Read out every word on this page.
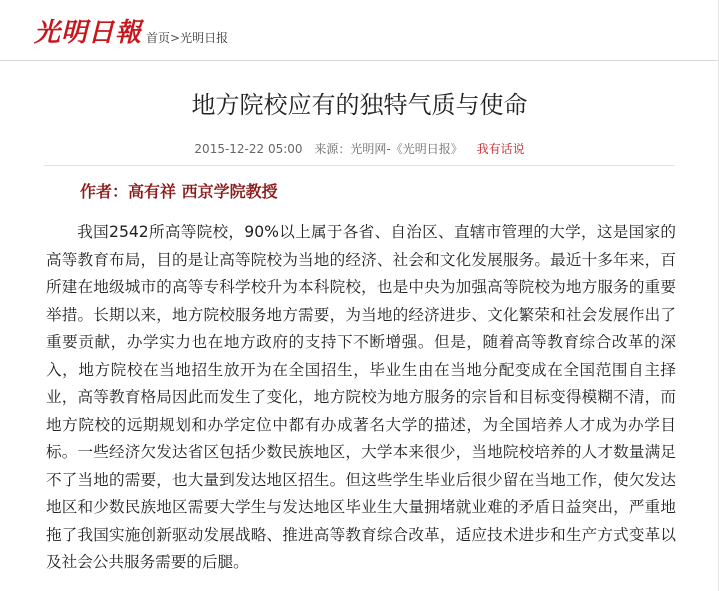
光明日報 首页>光明日报
地方院校应有的独特气质与使命
2015-12-22 05:00 来源：光明网-《光明日报》 我有话说
作者：高有祥 西京学院教授

我国2542所高等院校，90%以上属于各省、自治区、直辖市管理的大学，这是国家的高等教育布局，目的是让高等院校为当地的经济、社会和文化发展服务。最近十多年来，百所建在地级城市的高等专科学校升为本科院校，也是中央为加强高等院校为地方服务的重要举措。长期以来，地方院校服务地方需要，为当地的经济进步、文化繁荣和社会发展作出了重要贡献，办学实力也在地方政府的支持下不断增强。但是，随着高等教育综合改革的深入，地方院校在当地招生放开为在全国招生，毕业生由在当地分配变成在全国范围自主择业，高等教育格局因此而发生了变化，地方院校为地方服务的宗旨和目标变得模糊不清，而地方院校的远期规划和办学定位中都有办成著名大学的描述，为全国培养人才成为办学目标。一些经济欠发达省区包括少数民族地区，大学本来很少，当地院校培养的人才数量满足不了当地的需要，也大量到发达地区招生。但这些学生毕业后很少留在当地工作，使欠发达地区和少数民族地区需要大学生与发达地区毕业生大量拥堵就业难的矛盾日益突出，严重地拖了我国实施创新驱动发展战略、推进高等教育综合改革，适应技术进步和生产方式变革以及社会公共服务需要的后腿。
